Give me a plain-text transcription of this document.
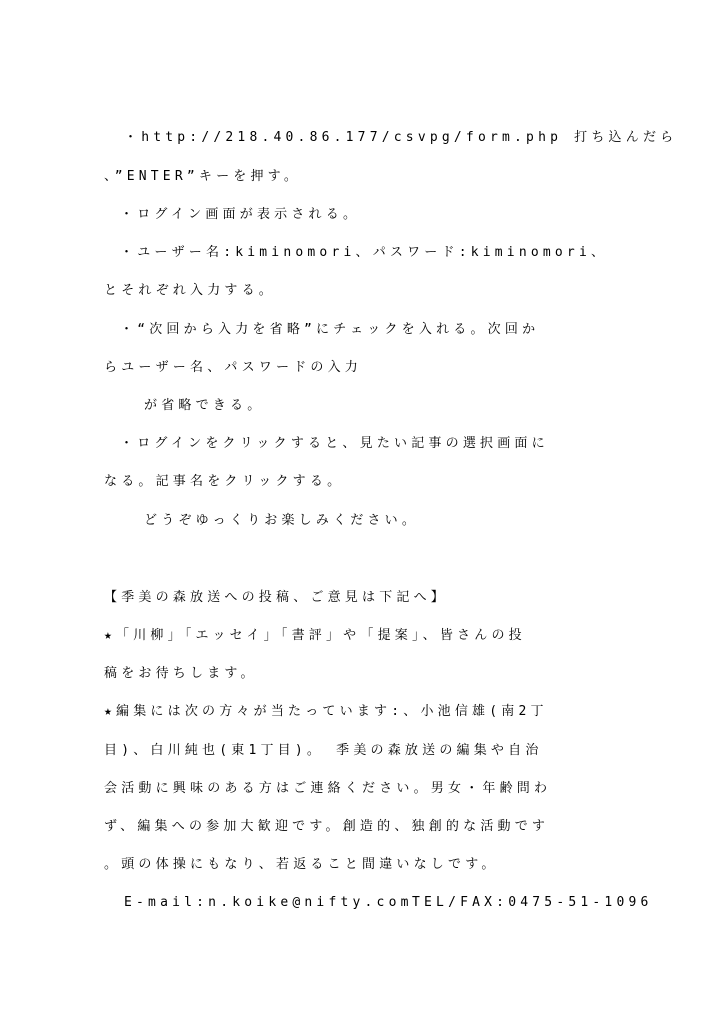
・http://218.40.86.177/csvpg/form.php 打ち込んだら
、”ENTER”キーを押す。
・ログイン画面が表示される。
・ユーザー名:kiminomori、パスワード:kiminomori、
とそれぞれ入力する。
・“次回から入力を省略”にチェックを入れる。次回か
らユーザー名、パスワードの入力
が省略できる。
・ログインをクリックすると、見たい記事の選択画面に
なる。記事名をクリックする。
どうぞゆっくりお楽しみください。
【季美の森放送への投稿、ご意見は下記へ】
★「川柳」「エッセイ」「書評」や「提案」、皆さんの投
稿をお待ちします。
★編集には次の方々が当たっています:、小池信雄(南2丁
目)、白川純也(東1丁目)。 季美の森放送の編集や自治
会活動に興味のある方はご連絡ください。男女・年齢問わ
ず、編集への参加大歓迎です。創造的、独創的な活動です
。頭の体操にもなり、若返ること間違いなしです。
E-mail:n.koike@nifty.com TEL/FAX:0475-51-1096
